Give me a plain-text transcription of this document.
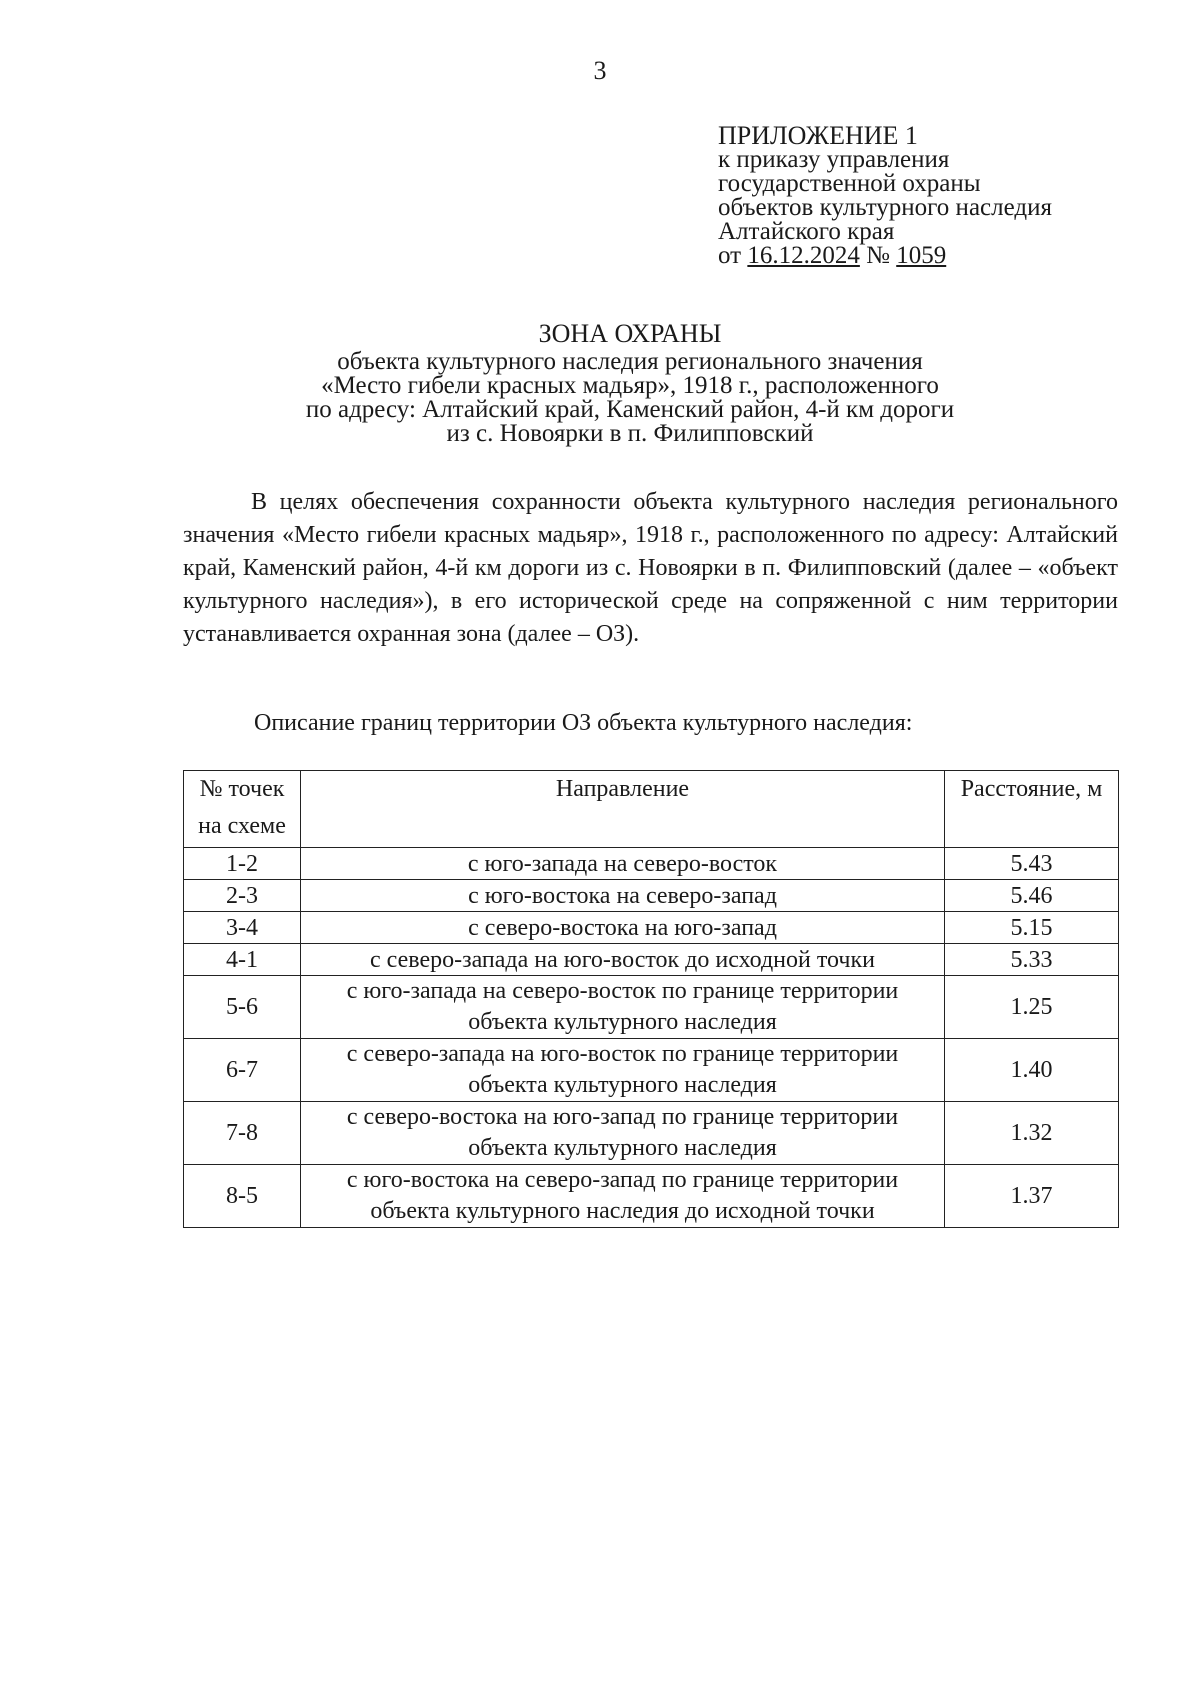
3
ПРИЛОЖЕНИЕ 1
к приказу управления
государственной охраны
объектов культурного наследия
Алтайского края
от 16.12.2024 № 1059
ЗОНА ОХРАНЫ
объекта культурного наследия регионального значения
«Место гибели красных мадьяр», 1918 г., расположенного
по адресу: Алтайский край, Каменский район, 4-й км дороги
из с. Новоярки в п. Филипповский

В целях обеспечения сохранности объекта культурного наследия регионального значения «Место гибели красных мадьяр», 1918 г., расположенного по адресу: Алтайский край, Каменский район, 4-й км дороги из с. Новоярки в п. Филипповский (далее – «объект культурного наследия»), в его исторической среде на сопряженной с ним территории устанавливается охранная зона (далее – ОЗ).

Описание границ территории ОЗ объекта культурного наследия:
№ точек на схеме	Направление	Расстояние, м
1-2	с юго-запада на северо-восток	5.43
2-3	с юго-востока на северо-запад	5.46
3-4	с северо-востока на юго-запад	5.15
4-1	с северо-запада на юго-восток до исходной точки	5.33
5-6	с юго-запада на северо-восток по границе территории объекта культурного наследия	1.25
6-7	с северо-запада на юго-восток по границе территории объекта культурного наследия	1.40
7-8	с северо-востока на юго-запад по границе территории объекта культурного наследия	1.32
8-5	с юго-востока на северо-запад по границе территории объекта культурного наследия до исходной точки	1.37
